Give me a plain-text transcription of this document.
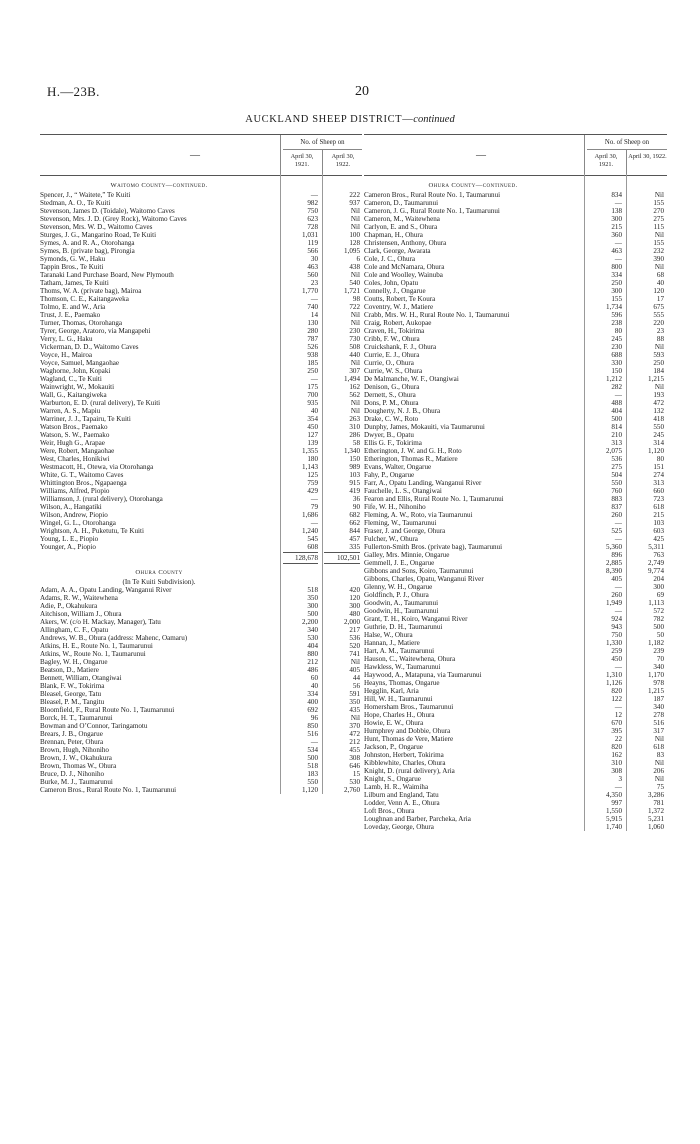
H.—23B.	20
AUCKLAND SHEEP DISTRICT—continued
—
No. of Sheep on
April 30, 1921.
April 30, 1922.
Waitomo County—continued.
Spencer, J., “ Waitete,” Te Kuiti	—	222
Stedman, A. O., Te Kuiti	982	937
Stevenson, James D. (Toidale), Waitomo Caves	750	Nil
Stevenson, Mrs. J. D. (Grey Rock), Waitomo Caves	623	Nil
Stevenson, Mrs. W. D., Waitomo Caves	728	Nil
Sturges, J. G., Mangarino Road, Te Kuiti	1,031	100
Symes, A. and R. A., Otorohanga	119	128
Symes, B. (private bag), Pirongia	566	1,095
Symonds, G. W., Haku	30	6
Tappin Bros., Te Kuiti	463	438
Taranaki Land Purchase Board, New Plymouth	560	Nil
Tatham, James, Te Kuiti	23	540
Thoms, W. A. (private bag), Mairoa	1,770	1,721
Thomson, C. E., Kaitangaweka	—	98
Tolmo, E. and W., Aria	740	722
Trust, J. E., Paemako	14	Nil
Turner, Thomas, Otorohanga	130	Nil
Tyrer, George, Aratoro, via Mangapehi	280	230
Verry, L. G., Haku	787	730
Vickerman, D. D., Waitomo Caves	526	508
Voyce, H., Mairoa	938	440
Voyce, Samuel, Mangaohae	185	Nil
Waghorne, John, Kopaki	250	307
Wagland, C., Te Kuiti	—	1,494
Wainwright, W., Mokauiti	175	162
Wall, G., Kaitangiweka	700	562
Warburton, E. D. (rural delivery), Te Kuiti	935	Nil
Warren, A. S., Mapiu	40	Nil
Warriner, J. J., Tapairu, Te Kuiti	354	263
Watson Bros., Paemako	450	310
Watson, S. W., Paemako	127	286
Weir, Hugh G., Arapae	139	58
Were, Robert, Mangaohae	1,355	1,340
West, Charles, Honikiwi	180	150
Westmacott, H., Otewa, via Otorohanga	1,143	989
White, G. T., Waitomo Caves	125	103
Whittington Bros., Ngapaenga	759	915
Williams, Alfred, Piopio	429	419
Williamson, J. (rural delivery), Otorohanga	—	36
Wilson, A., Hangatiki	79	90
Wilson, Andrew, Piopio	1,686	682
Wingel, G. L., Otorohanga	—	662
Wrightson, A. H., Puketutu, Te Kuiti	1,240	844
Young, L. E., Piopio	545	457
Younger, A., Piopio	608	335
128,678	102,501
Ohura County
(In Te Kuiti Subdivision).
Adam, A. A., Opatu Landing, Wanganui River	518	420
Adams, R. W., Waitewhena	350	120
Adie, P., Okahukura	300	300
Aitchison, William J., Ohura	500	480
Akers, W. (c/o H. Mackay, Manager), Tatu	2,200	2,000
Allingham, C. F., Opatu	340	217
Andrews, W. B., Ohura (address: Mahenc, Oamaru)	530	536
Atkins, H. E., Route No. 1, Taumarunui	404	520
Atkins, W., Route No. 1, Taumarunui	880	741
Bagley, W. H., Ongarue	212	Nil
Beatson, D., Matiere	486	405
Bennett, William, Otangiwai	60	44
Blank, F. W., Tokirima	40	56
Bleasel, George, Tatu	334	591
Bleasel, P. M., Tangitu	400	350
Bloomfield, F., Rural Route No. 1, Taumarunui	692	435
Borck, H. T., Taumarunui	96	Nil
Bowman and O’Connor, Taringamotu	850	370
Brears, J. B., Ongarue	516	472
Brennan, Peter, Ohura	—	212
Brown, Hugh, Nihoniho	534	455
Brown, J. W., Okahukura	500	308
Brown, Thomas W., Ohura	518	646
Bruce, D. J., Nihoniho	183	15
Burke, M. J., Taumarunui	550	530
Cameron Bros., Rural Route No. 1, Taumarunui	1,120	2,760
—
No. of Sheep on
April 30, 1921.
April 30, 1922.
Ohura County—continued.
Cameron Bros., Rural Route No. 1, Taumarunui	834	Nil
Cameron, D., Taumarunui	—	155
Cameron, J. G., Rural Route No. 1, Taumarunui	138	270
Cameron, M., Waitewhena	300	275
Carlyon, E. and S., Ohura	215	115
Chapman, H., Ohura	360	Nil
Christensen, Anthony, Ohura	—	155
Clark, George, Awarata	463	232
Cole, J. C., Ohura	—	390
Cole and McNamara, Ohura	800	Nil
Cole and Woolley, Wainuba	334	68
Coles, John, Opatu	250	40
Connelly, J., Ongarue	300	120
Coutts, Robert, Te Koura	155	17
Coventry, W. J., Matiere	1,734	675
Crabb, Mrs. W. H., Rural Route No. 1, Taumarunui	596	555
Craig, Robert, Aukopae	238	220
Craven, H., Tokirima	80	23
Cribb, F. W., Ohura	245	88
Cruickshank, F. J., Ohura	230	Nil
Currie, E. J., Ohura	688	593
Currie, O., Ohura	330	250
Currie, W. S., Ohura	150	184
De Malmanche, W. F., Otangiwai	1,212	1,215
Denison, G., Ohura	282	Nil
Dernett, S., Ohura	—	193
Dons, P. M., Ohura	488	472
Dougherty, N. J. B., Ohura	404	132
Drake, C. W., Roto	500	418
Dunphy, James, Mokauiti, via Taumarunui	814	550
Dwyer, B., Opatu	210	245
Ellis G. F., Tokirima	313	314
Etherington, J. W. and G. H., Roto	2,075	1,120
Etherington, Thomas R., Matiere	536	80
Evans, Walter, Ongarue	275	151
Fahy, P., Ongarue	504	274
Farr, A., Opatu Landing, Wanganui River	550	313
Fauchelle, L. S., Otangiwai	760	660
Fearon and Ellis, Rural Route No. 1, Taumarunui	883	723
Fife, W. H., Nihoniho	837	618
Fleming, A. W., Roto, via Taumarunui	260	215
Fleming, W., Taumarunui	—	103
Fraser, J. and George, Ohura	525	603
Fulcher, W., Ohura	—	425
Fullerton-Smith Bros. (private bag), Taumarunui	5,360	5,311
Galley, Mrs. Minnie, Ongarue	896	763
Gemmell, J. E., Ongarue	2,885	2,749
Gibbons and Sons, Koiro, Taumarunui	8,390	9,774
Gibbons, Charles, Opatu, Wanganui River	405	204
Glenny, W. H., Ongarue	—	300
Goldfinch, P. J., Ohura	260	69
Goodwin, A., Taumarunui	1,949	1,113
Goodwin, H., Taumarunui	—	572
Grant, T. H., Koiro, Wanganui River	924	782
Guthrie, D. H., Taumarunui	943	500
Halse, W., Ohura	750	50
Hannan, J., Matiere	1,330	1,182
Hart, A. M., Taumarunui	259	239
Hauson, C., Waitewhena, Ohura	450	70
Hawkless, W., Taumarunui	—	340
Haywood, A., Matapuna, via Taumarunui	1,310	1,170
Heayns, Thomas, Ongarue	1,126	978
Hegglin, Karl, Aria	820	1,215
Hill, W. H., Taumarunui	122	187
Homersham Bros., Taumarunui	—	340
Hope, Charles H., Ohura	12	278
Howie, E. W., Ohura	670	516
Humphrey and Dobbie, Ohura	395	317
Hunt, Thomas de Vere, Matiere	22	Nil
Jackson, P., Ongarue	820	618
Johnston, Herbert, Tokirima	162	83
Kibblewhite, Charles, Ohura	310	Nil
Knight, D. (rural delivery), Aria	308	206
Knight, S., Ongarue	3	Nil
Lamb, H. R., Waimiha	—	75
Lilburn and England, Tatu	4,350	3,286
Lodder, Venn A. E., Ohura	997	781
Loft Bros., Ohura	1,550	1,372
Loughnan and Barber, Parcheka, Aria	5,915	5,231
Loveday, George, Ohura	1,740	1,060
